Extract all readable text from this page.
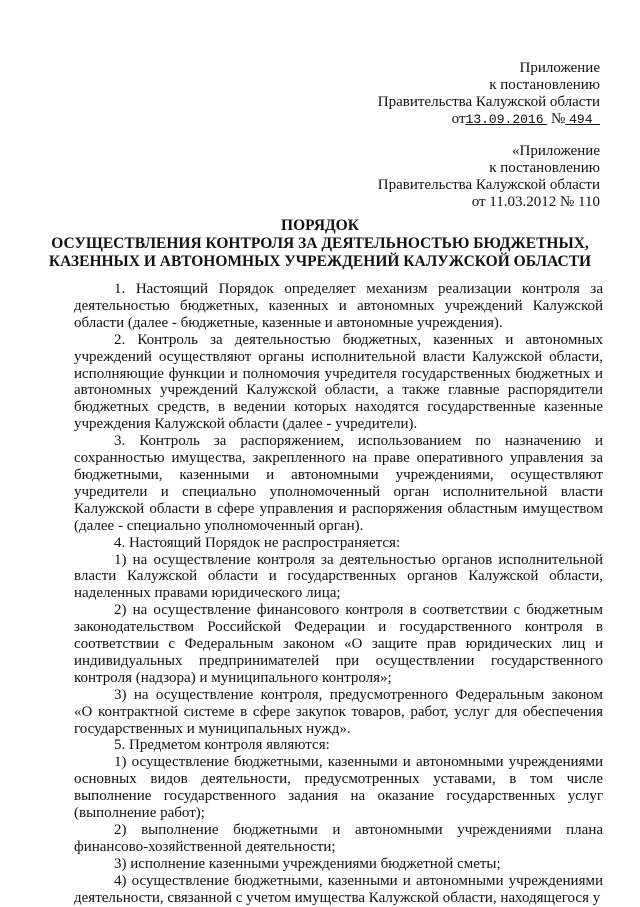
Приложение
к постановлению
Правительства Калужской области
от13.09.2016 № 494
«Приложение
к постановлению
Правительства Калужской области
от 11.03.2012 № 110
ПОРЯДОК
ОСУЩЕСТВЛЕНИЯ КОНТРОЛЯ ЗА ДЕЯТЕЛЬНОСТЬЮ БЮДЖЕТНЫХ,
КАЗЕННЫХ И АВТОНОМНЫХ УЧРЕЖДЕНИЙ КАЛУЖСКОЙ ОБЛАСТИ

1. Настоящий Порядок определяет механизм реализации контроля за деятельностью бюджетных, казенных и автономных учреждений Калужской области (далее - бюджетные, казенные и автономные учреждения).

2. Контроль за деятельностью бюджетных, казенных и автономных учреждений осуществляют органы исполнительной власти Калужской области, исполняющие функции и полномочия учредителя государственных бюджетных и автономных учреждений Калужской области, а также главные распорядители бюджетных средств, в ведении которых находятся государственные казенные учреждения Калужской области (далее - учредители).

3. Контроль за распоряжением, использованием по назначению и сохранностью имущества, закрепленного на праве оперативного управления за бюджетными, казенными и автономными учреждениями, осуществляют учредители и специально уполномоченный орган исполнительной власти Калужской области в сфере управления и распоряжения областным имуществом (далее - специально уполномоченный орган).

4. Настоящий Порядок не распространяется:

1) на осуществление контроля за деятельностью органов исполнительной власти Калужской области и государственных органов Калужской области, наделенных правами юридического лица;

2) на осуществление финансового контроля в соответствии с бюджетным законодательством Российской Федерации и государственного контроля в соответствии с Федеральным законом «О защите прав юридических лиц и индивидуальных предпринимателей при осуществлении государственного контроля (надзора) и муниципального контроля»;

3) на осуществление контроля, предусмотренного Федеральным законом «О контрактной системе в сфере закупок товаров, работ, услуг для обеспечения государственных и муниципальных нужд».

5. Предметом контроля являются:

1) осуществление бюджетными, казенными и автономными учреждениями основных видов деятельности, предусмотренных уставами, в том числе выполнение государственного задания на оказание государственных услуг (выполнение работ);

2) выполнение бюджетными и автономными учреждениями плана финансово-хозяйственной деятельности;

3) исполнение казенными учреждениями бюджетной сметы;

4) осуществление бюджетными, казенными и автономными учреждениями деятельности, связанной с учетом имущества Калужской области, находящегося у
